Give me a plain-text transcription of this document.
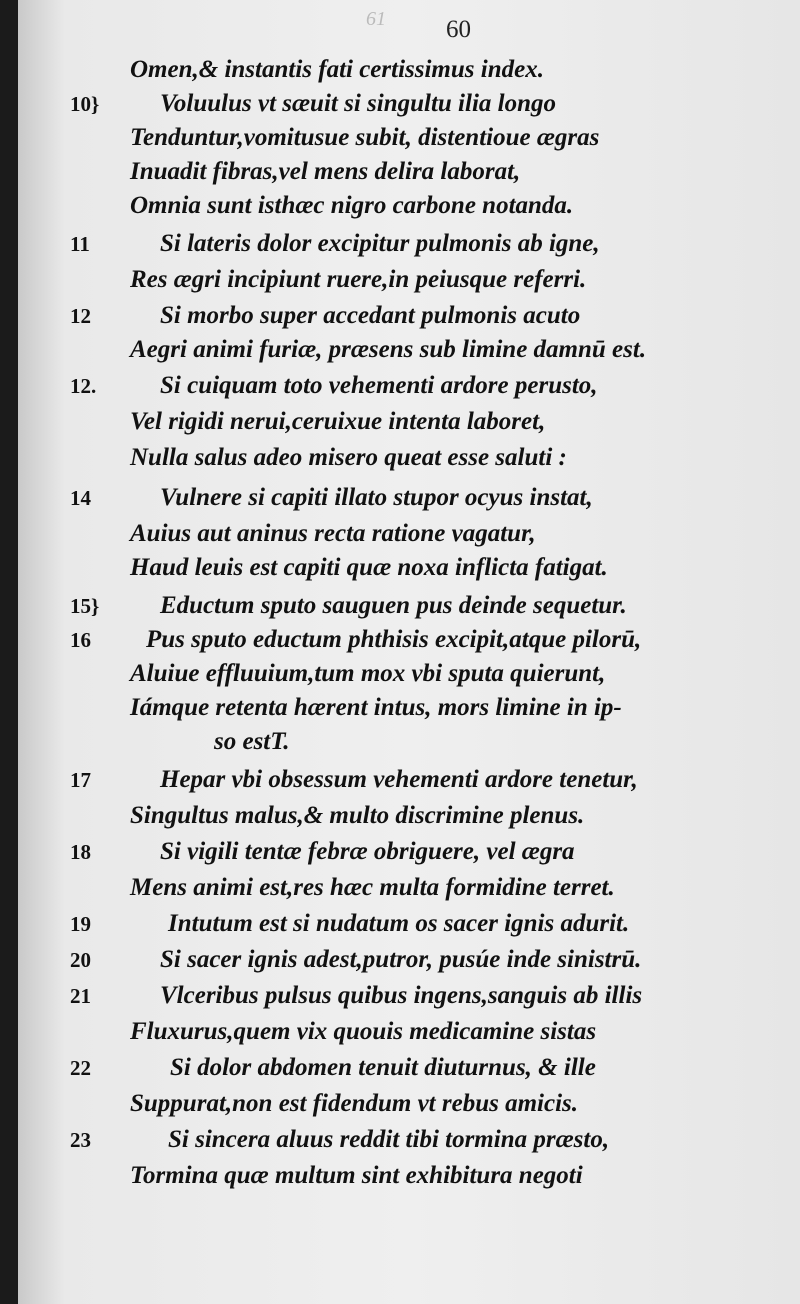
61 60
Omen,& instantis fati certissimus index.
10}	Voluulus vt sæuit si singultu ilia longo
Tenduntur,vomitusue subit, distentioue ægras
Inuadit fibras,vel mens delira laborat,
Omnia sunt isthæc nigro carbone notanda.
11	Si lateris dolor excipitur pulmonis ab igne,
Res ægri incipiunt ruere,in peiusque referri.
12	Si morbo super accedant pulmonis acuto
Aegri animi furiæ, præsens sub limine damnū est.
12.	Si cuiquam toto vehementi ardore perusto,
Vel rigidi nerui,ceruixue intenta laboret,
Nulla salus adeo misero queat esse saluti :
14	Vulnere si capiti illato stupor ocyus instat,
Auius aut aninus recta ratione vagatur,
Haud leuis est capiti quæ noxa inflicta fatigat.
15}	Eductum sputo sauguen pus deinde sequetur.
16	Pus sputo eductum phthisis excipit,atque pilorū,
Aluiue effluuium,tum mox vbi sputa quierunt,
Iámque retenta hærent intus, mors limine in ip-
so estT.
17	Hepar vbi obsessum vehementi ardore tenetur,
Singultus malus,& multo discrimine plenus.
18	Si vigili tentæ febræ obriguere, vel ægra
Mens animi est,res hæc multa formidine terret.
19	Intutum est si nudatum os sacer ignis adurit.
20	Si sacer ignis adest,putror, pusúe inde sinistrū.
21	Vlceribus pulsus quibus ingens,sanguis ab illis
Fluxurus,quem vix quouis medicamine sistas
22	Si dolor abdomen tenuit diuturnus, & ille
Suppurat,non est fidendum vt rebus amicis.
23	Si sincera aluus reddit tibi tormina præsto,
Tormina quæ multum sint exhibitura negoti
